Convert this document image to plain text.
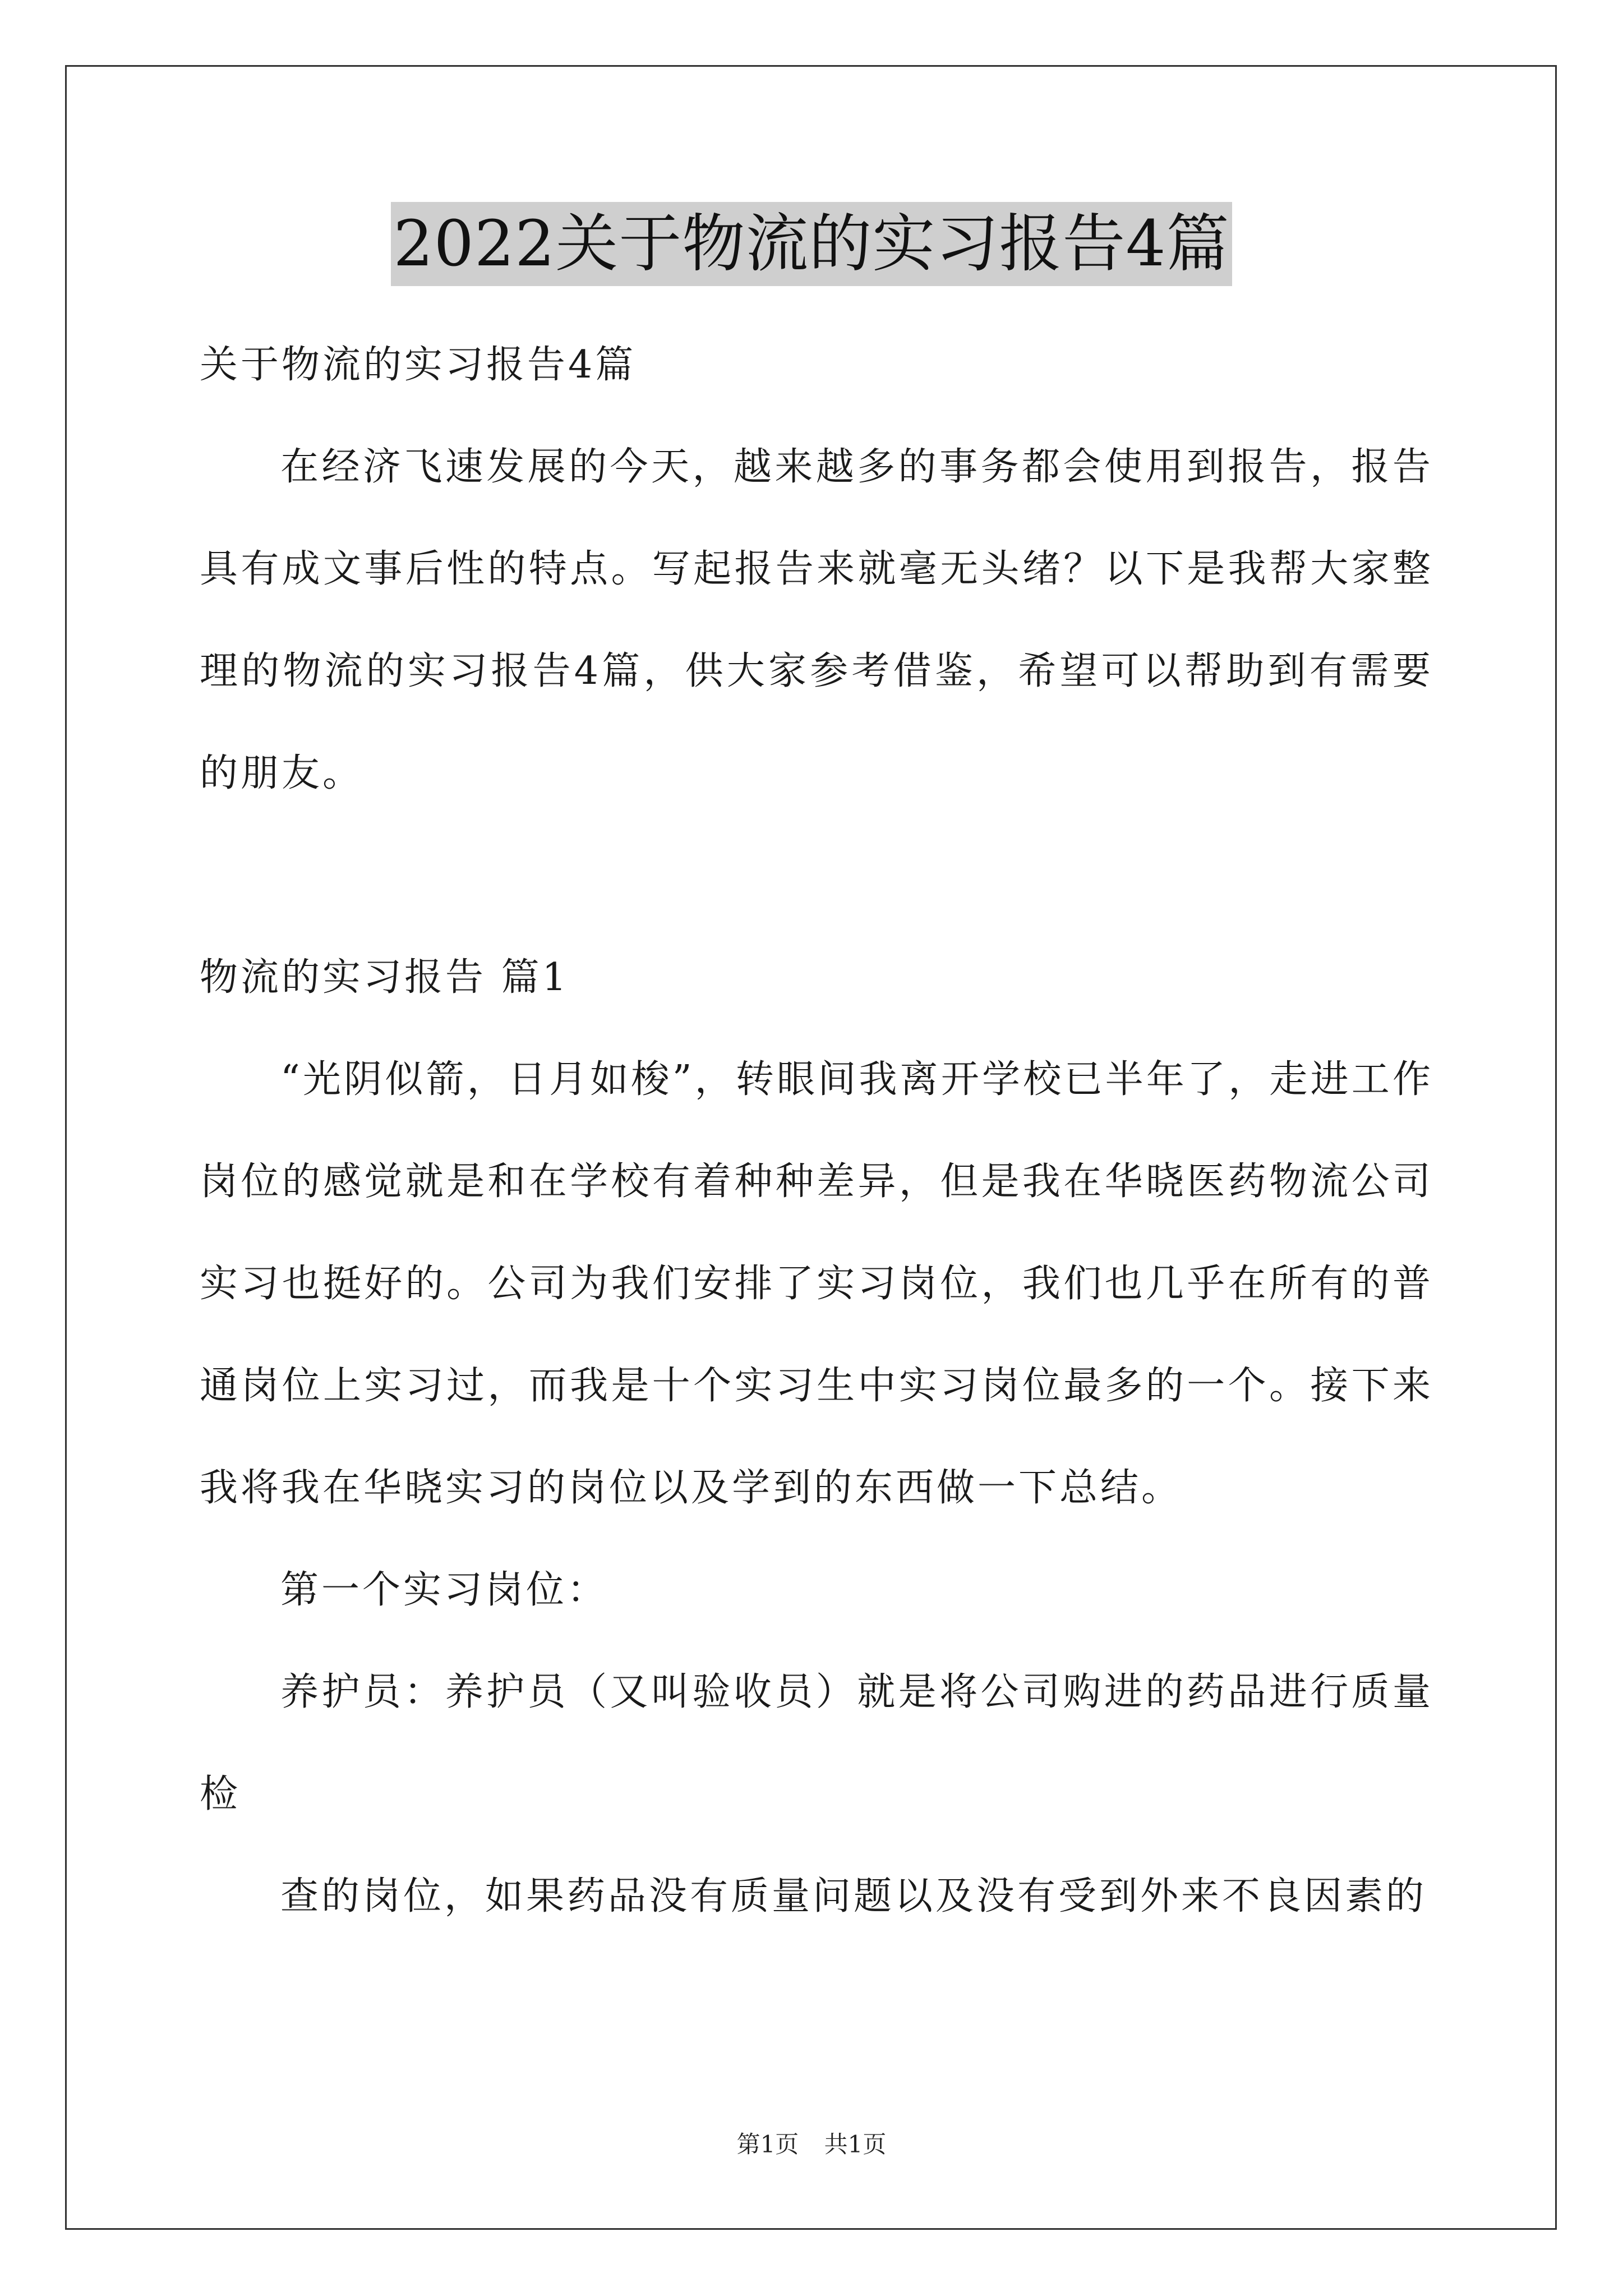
2022关于物流的实习报告4篇

关于物流的实习报告4篇

在经济飞速发展的今天，越来越多的事务都会使用到报告，报告具有成文事后性的特点。写起报告来就毫无头绪？以下是我帮大家整理的物流的实习报告4篇，供大家参考借鉴，希望可以帮助到有需要的朋友。

物流的实习报告 篇1

“光阴似箭，日月如梭”，转眼间我离开学校已半年了，走进工作岗位的感觉就是和在学校有着种种差异，但是我在华晓医药物流公司实习也挺好的。公司为我们安排了实习岗位，我们也几乎在所有的普通岗位上实习过，而我是十个实习生中实习岗位最多的一个。接下来我将我在华晓实习的岗位以及学到的东西做一下总结。

第一个实习岗位：

养护员：养护员（又叫验收员）就是将公司购进的药品进行质量检

查的岗位，如果药品没有质量问题以及没有受到外来不良因素的

第1页 共1页
